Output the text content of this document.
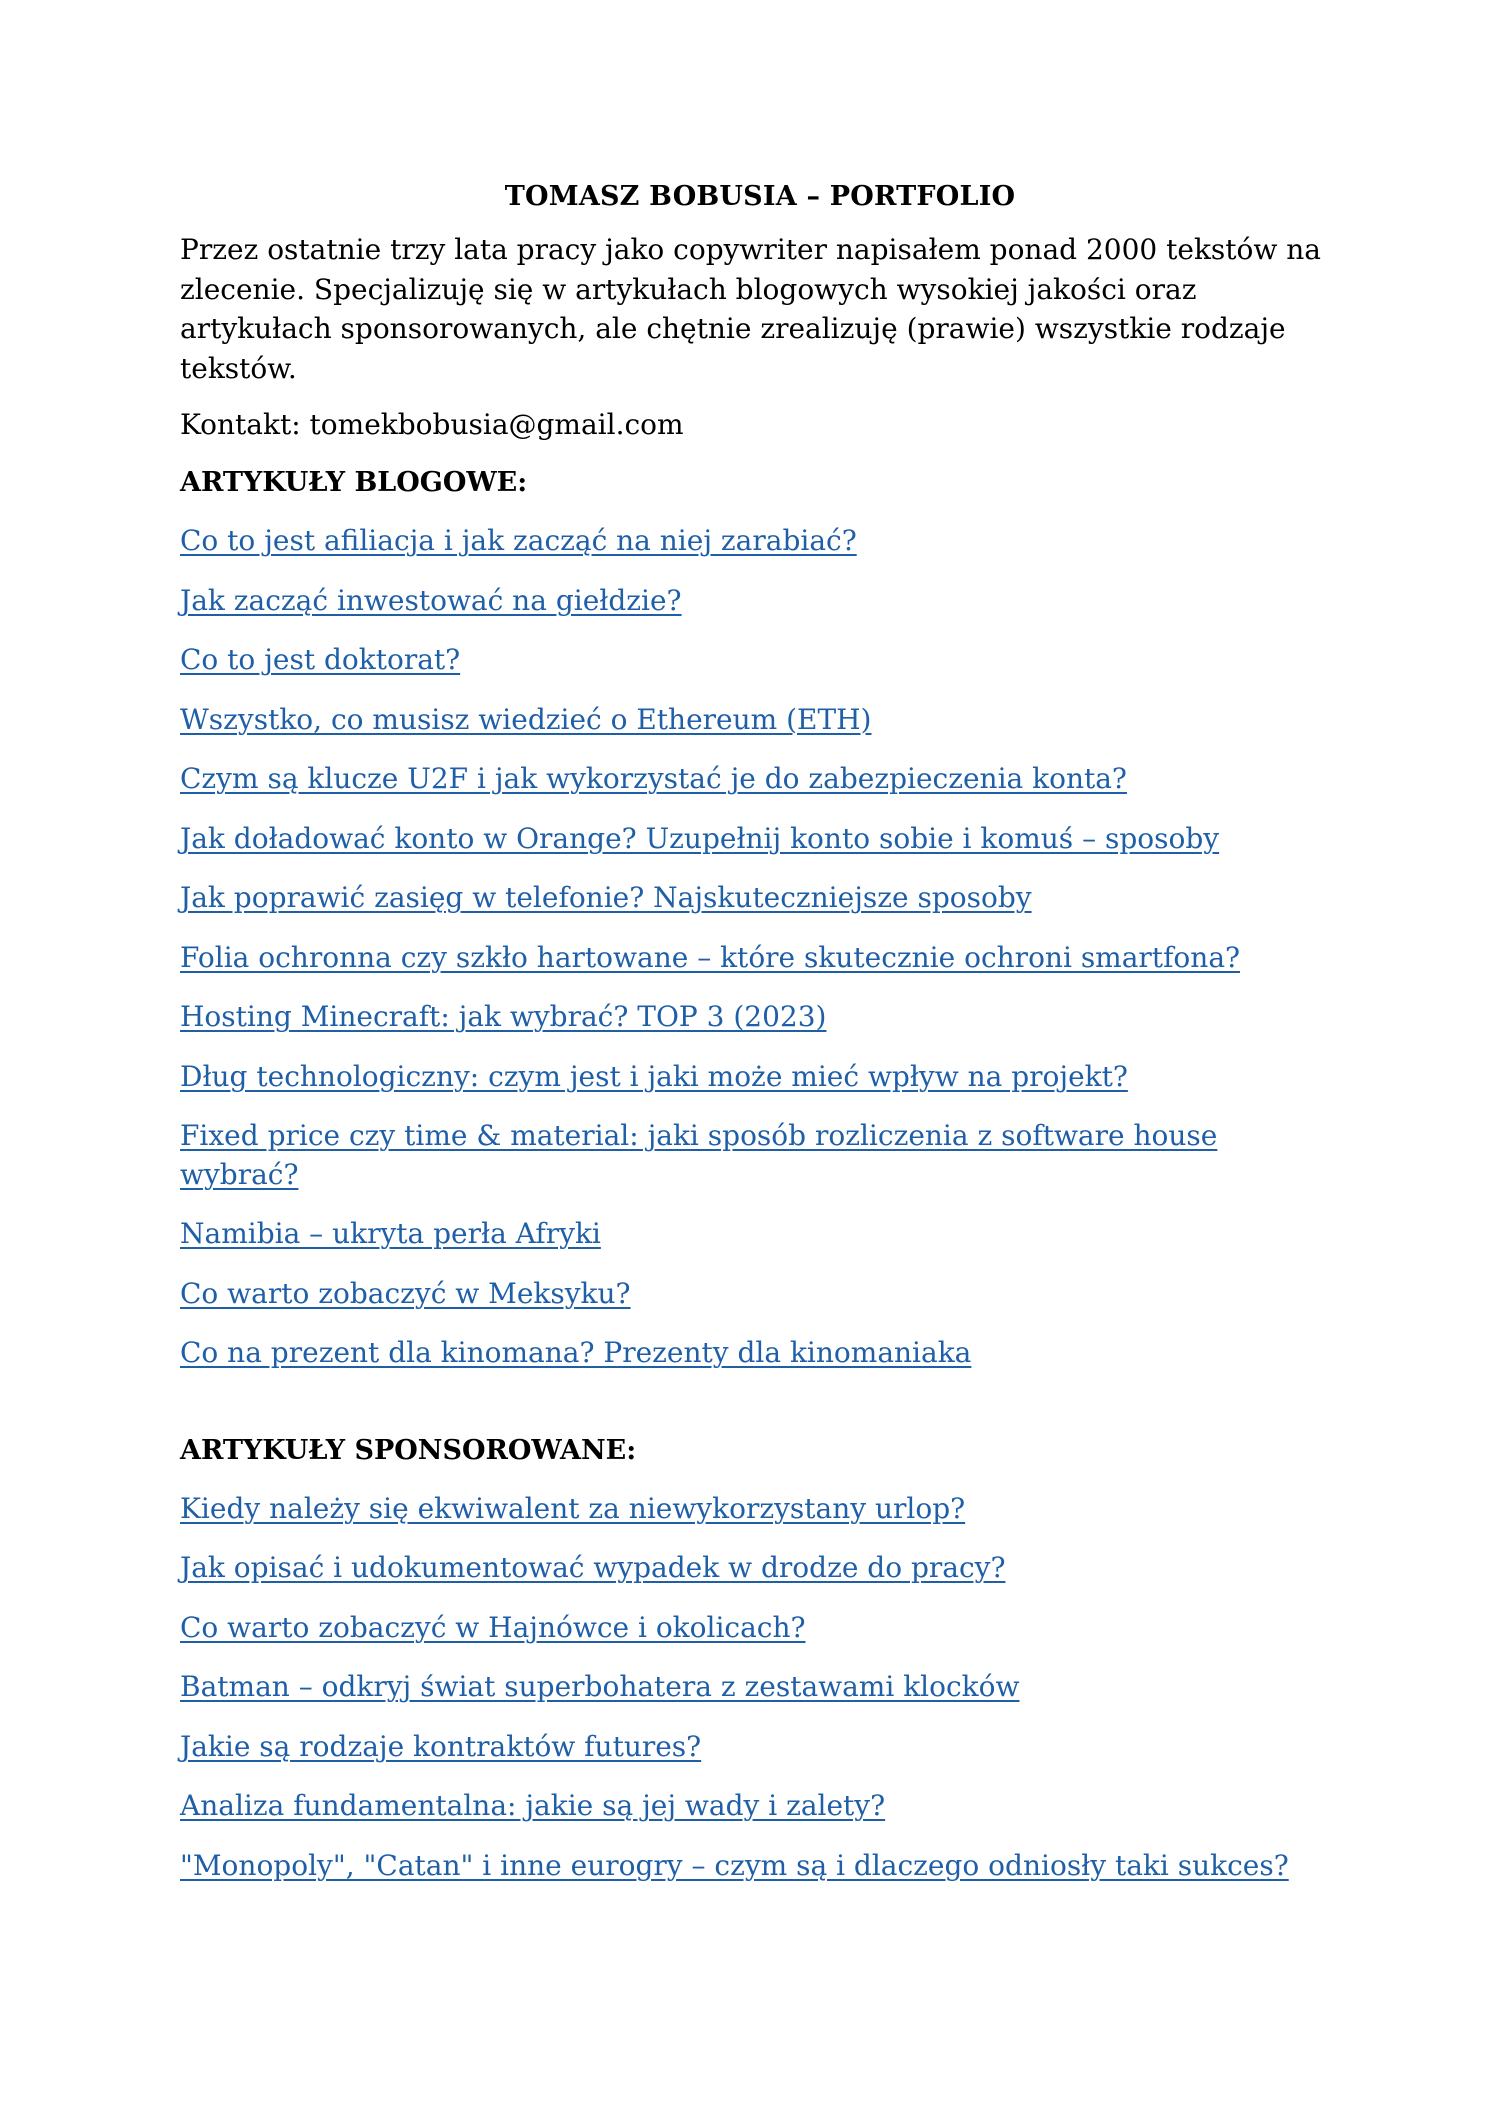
TOMASZ BOBUSIA – PORTFOLIO

Przez ostatnie trzy lata pracy jako copywriter napisałem ponad 2000 tekstów na zlecenie. Specjalizuję się w artykułach blogowych wysokiej jakości oraz artykułach sponsorowanych, ale chętnie zrealizuję (prawie) wszystkie rodzaje tekstów.

Kontakt: tomekbobusia@gmail.com

ARTYKUŁY BLOGOWE:
Co to jest afiliacja i jak zacząć na niej zarabiać?
Jak zacząć inwestować na giełdzie?
Co to jest doktorat?
Wszystko, co musisz wiedzieć o Ethereum (ETH)
Czym są klucze U2F i jak wykorzystać je do zabezpieczenia konta?
Jak doładować konto w Orange? Uzupełnij konto sobie i komuś – sposoby
Jak poprawić zasięg w telefonie? Najskuteczniejsze sposoby
Folia ochronna czy szkło hartowane – które skutecznie ochroni smartfona?
Hosting Minecraft: jak wybrać? TOP 3 (2023)
Dług technologiczny: czym jest i jaki może mieć wpływ na projekt?
Fixed price czy time & material: jaki sposób rozliczenia z software house wybrać?
Namibia – ukryta perła Afryki
Co warto zobaczyć w Meksyku?
Co na prezent dla kinomana? Prezenty dla kinomaniaka
ARTYKUŁY SPONSOROWANE:
Kiedy należy się ekwiwalent za niewykorzystany urlop?
Jak opisać i udokumentować wypadek w drodze do pracy?
Co warto zobaczyć w Hajnówce i okolicach?
Batman – odkryj świat superbohatera z zestawami klocków
Jakie są rodzaje kontraktów futures?
Analiza fundamentalna: jakie są jej wady i zalety?
"Monopoly", "Catan" i inne eurogry – czym są i dlaczego odniosły taki sukces?
